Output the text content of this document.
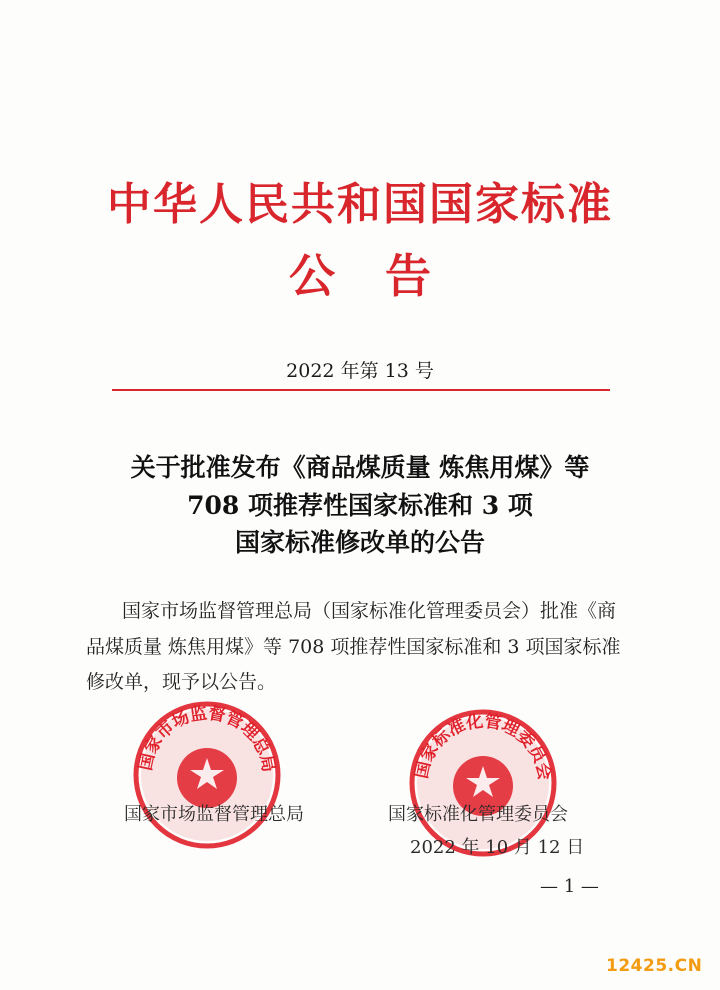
中华人民共和国国家标准
公告
2022 年第 13 号
关于批准发布《商品煤质量 炼焦用煤》等
708 项推荐性国家标准和 3 项
国家标准修改单的公告
国家市场监督管理总局（国家标准化管理委员会）批准《商
品煤质量 炼焦用煤》等 708 项推荐性国家标准和 3 项国家标准
修改单，现予以公告。
国家市场监督管理总局	国家标准化管理委员会
国家市场监督管理总局	国家标准化管理委员会
2022 年 10 月 12 日
— 1 —
12425.CN
